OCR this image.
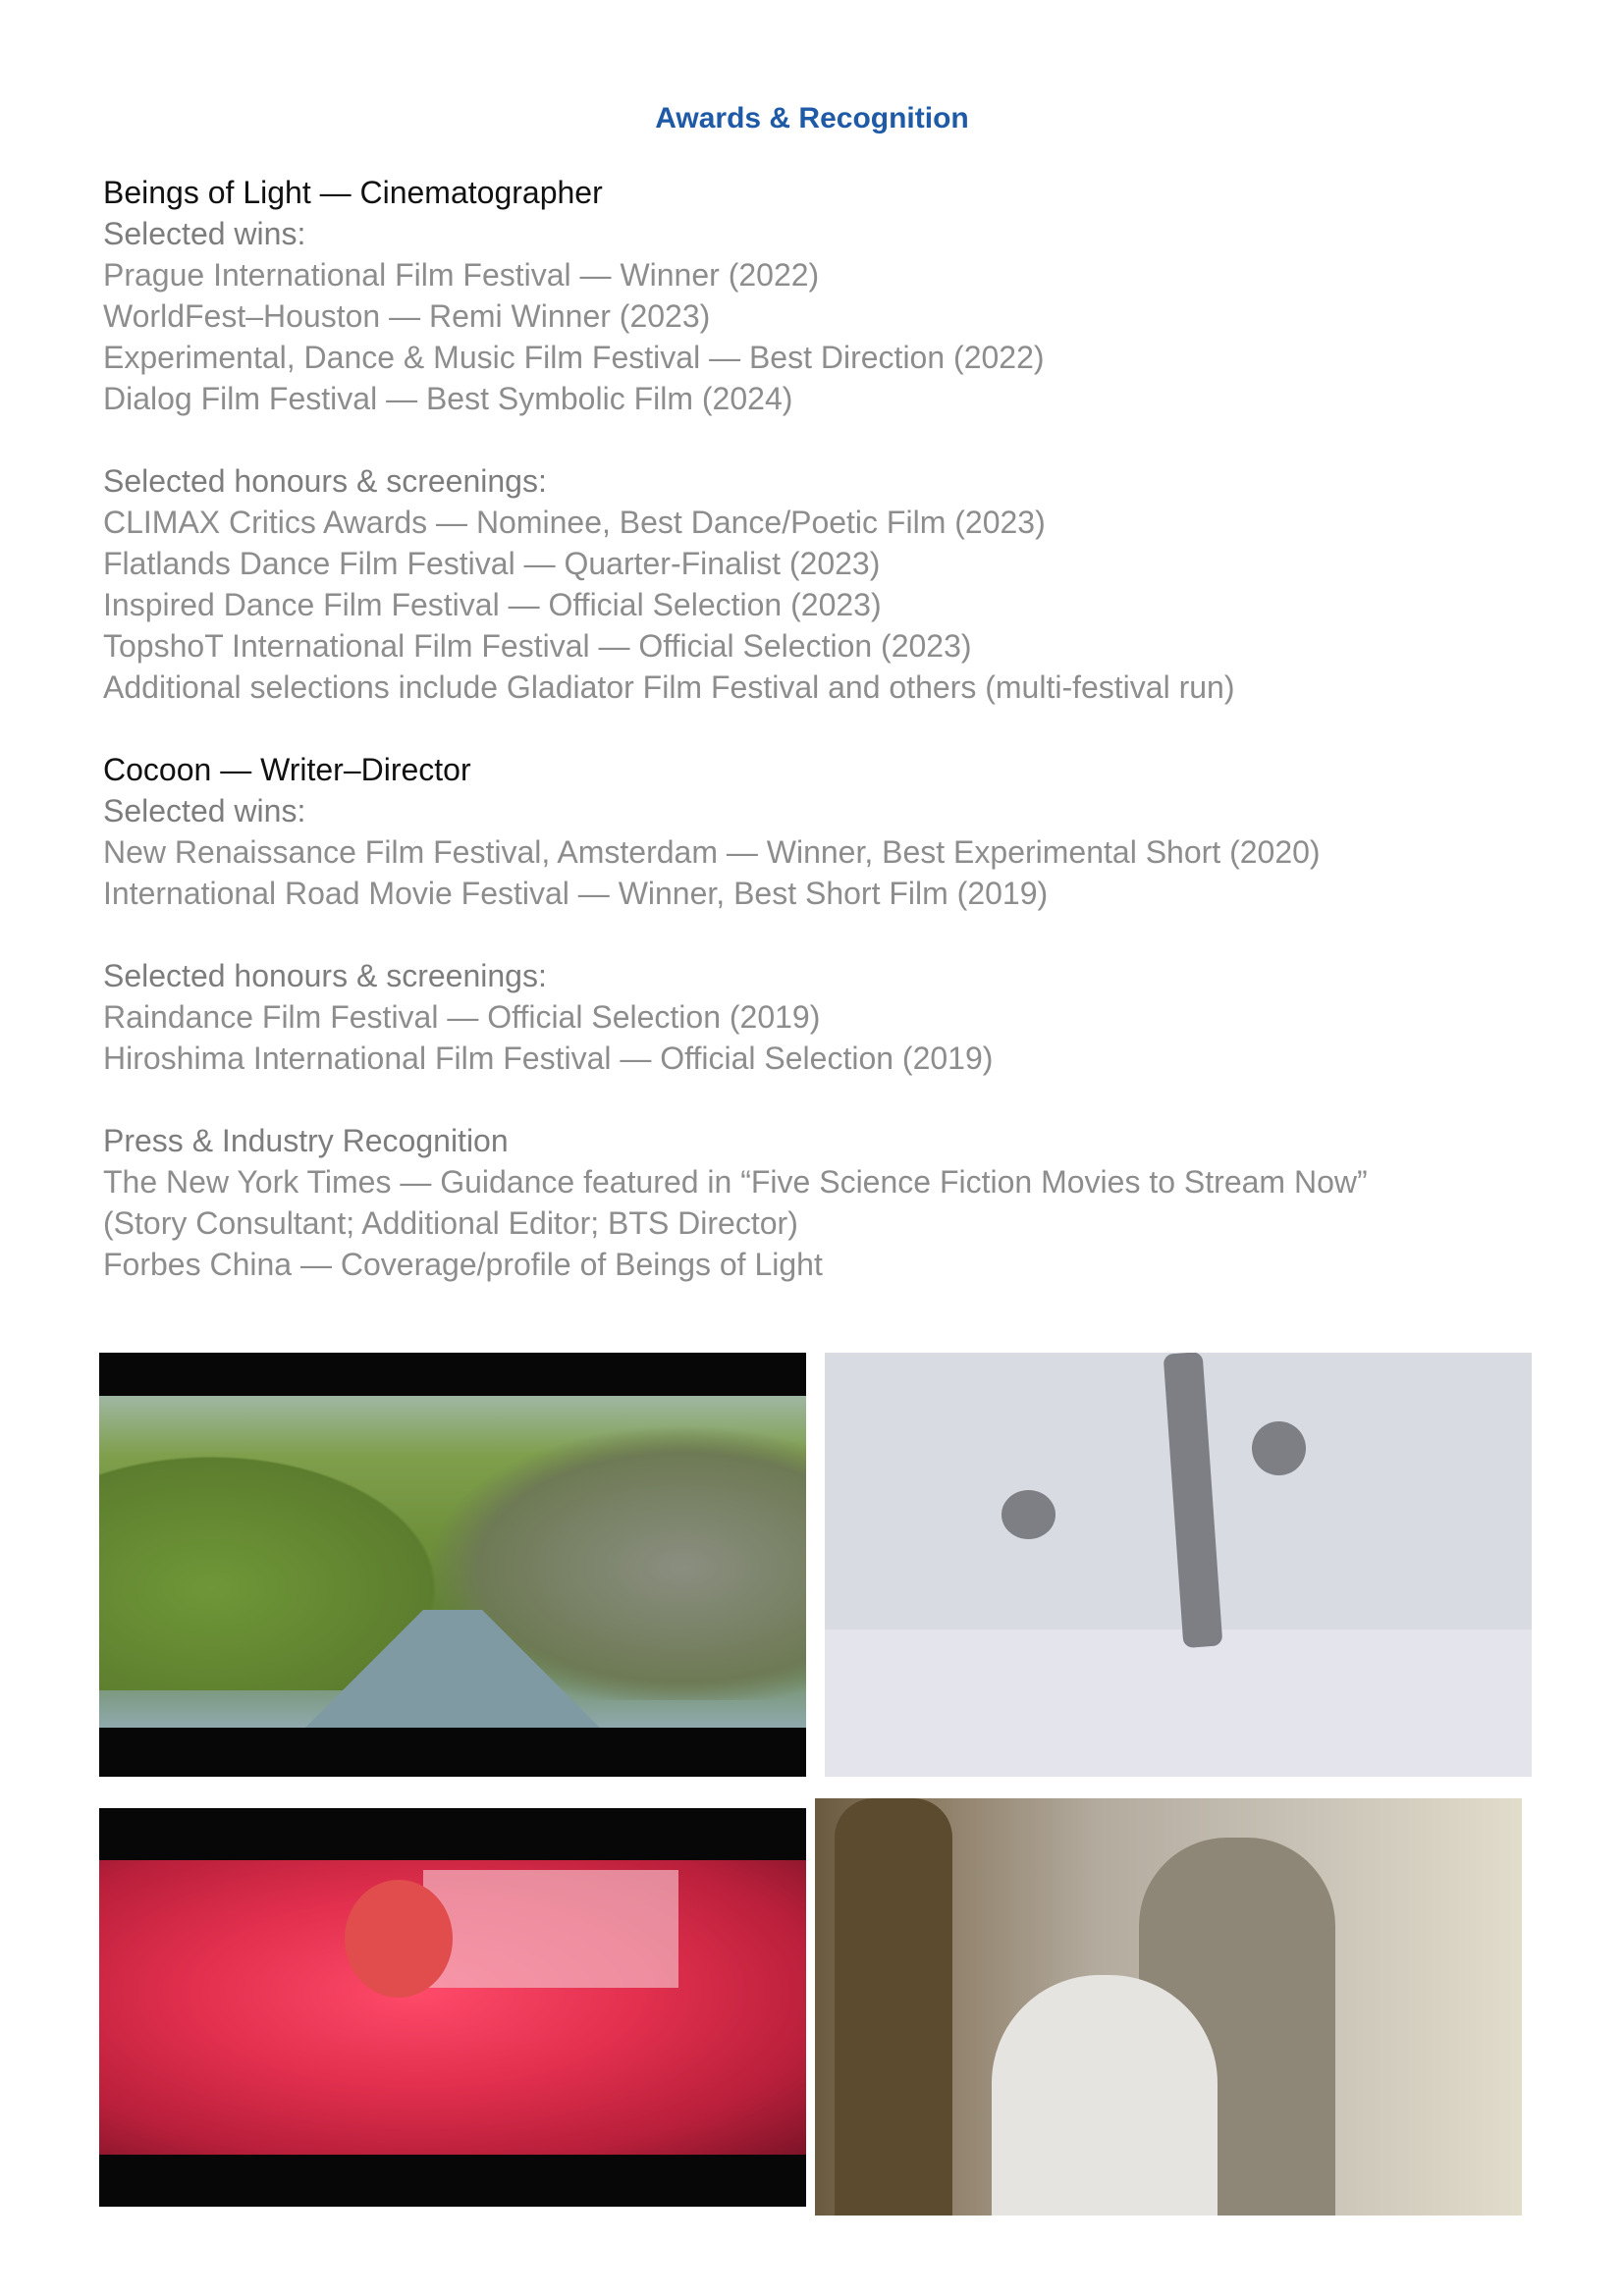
Awards & Recognition
Beings of Light — Cinematographer
Selected wins:
Prague International Film Festival — Winner (2022)
WorldFest–Houston — Remi Winner (2023)
Experimental, Dance & Music Film Festival — Best Direction (2022)
Dialog Film Festival — Best Symbolic Film (2024)
Selected honours & screenings:
CLIMAX Critics Awards — Nominee, Best Dance/Poetic Film (2023)
Flatlands Dance Film Festival — Quarter-Finalist (2023)
Inspired Dance Film Festival — Official Selection (2023)
TopshoT International Film Festival — Official Selection (2023)
Additional selections include Gladiator Film Festival and others (multi-festival run)
Cocoon — Writer–Director
Selected wins:
New Renaissance Film Festival, Amsterdam — Winner, Best Experimental Short (2020)
International Road Movie Festival — Winner, Best Short Film (2019)
Selected honours & screenings:
Raindance Film Festival — Official Selection (2019)
Hiroshima International Film Festival — Official Selection (2019)
Press & Industry Recognition
The New York Times — Guidance featured in “Five Science Fiction Movies to Stream Now”
(Story Consultant; Additional Editor; BTS Director)
Forbes China — Coverage/profile of Beings of Light
